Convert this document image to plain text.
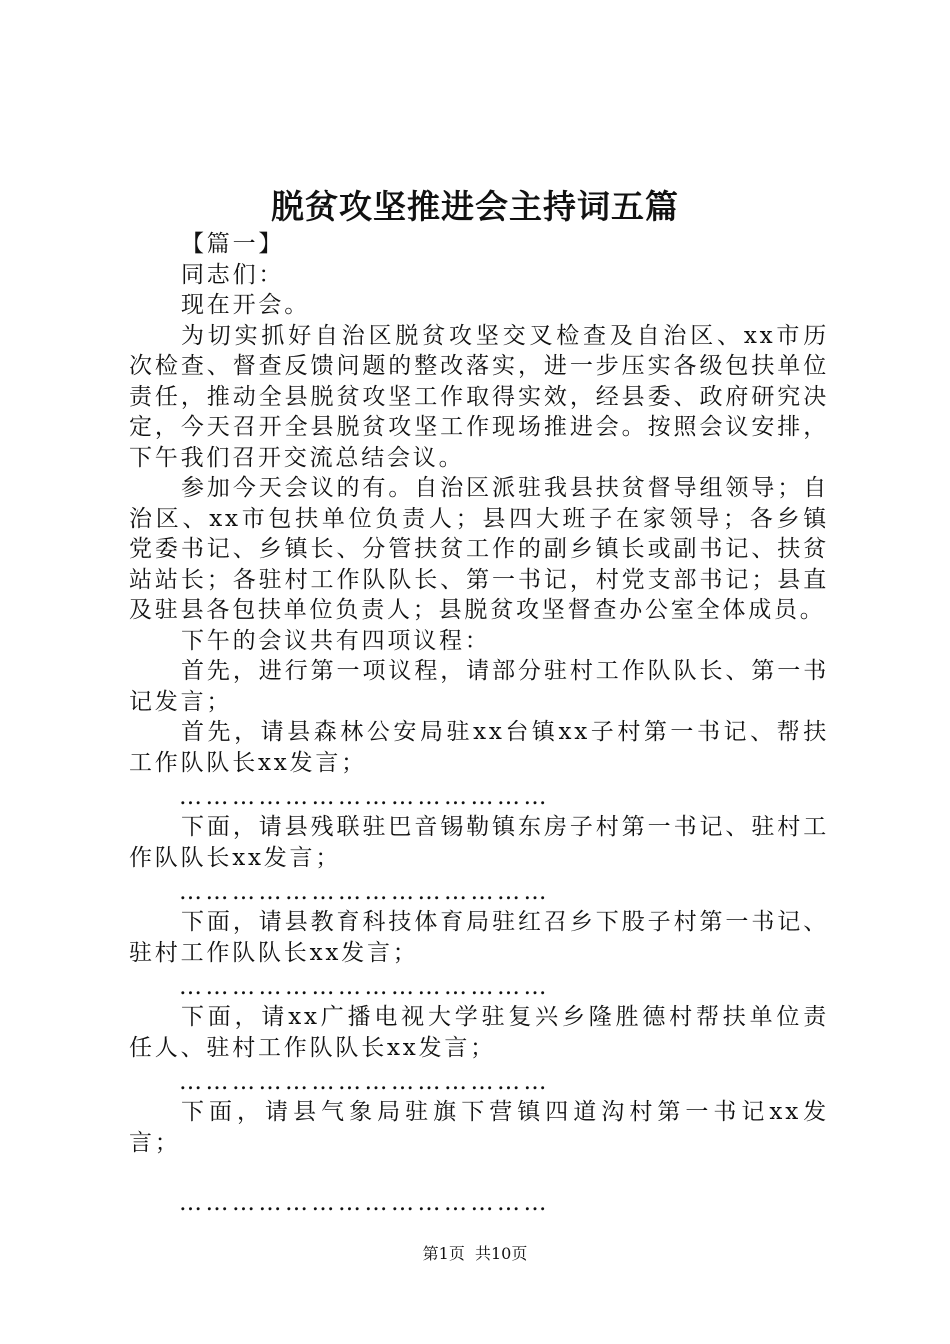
脱贫攻坚推进会主持词五篇

【篇一】

同志们：

现在开会。

为切实抓好自治区脱贫攻坚交叉检查及自治区、xx市历次检查、督查反馈问题的整改落实，进一步压实各级包扶单位责任，推动全县脱贫攻坚工作取得实效，经县委、政府研究决定，今天召开全县脱贫攻坚工作现场推进会。按照会议安排，下午我们召开交流总结会议。

参加今天会议的有。自治区派驻我县扶贫督导组领导；自治区、xx市包扶单位负责人；县四大班子在家领导；各乡镇党委书记、乡镇长、分管扶贫工作的副乡镇长或副书记、扶贫站站长；各驻村工作队队长、第一书记，村党支部书记；县直及驻县各包扶单位负责人；县脱贫攻坚督查办公室全体成员。

下午的会议共有四项议程：

首先，进行第一项议程，请部分驻村工作队队长、第一书记发言；

首先，请县森林公安局驻xx台镇xx子村第一书记、帮扶工作队队长xx发言；

……………………………………

下面，请县残联驻巴音锡勒镇东房子村第一书记、驻村工作队队长xx发言；

……………………………………

下面，请县教育科技体育局驻红召乡下股子村第一书记、驻村工作队队长xx发言；

……………………………………

下面，请xx广播电视大学驻复兴乡隆胜德村帮扶单位责任人、驻村工作队队长xx发言；

……………………………………

下面，请县气象局驻旗下营镇四道沟村第一书记xx发言；

……………………………………
第1页  共10页
